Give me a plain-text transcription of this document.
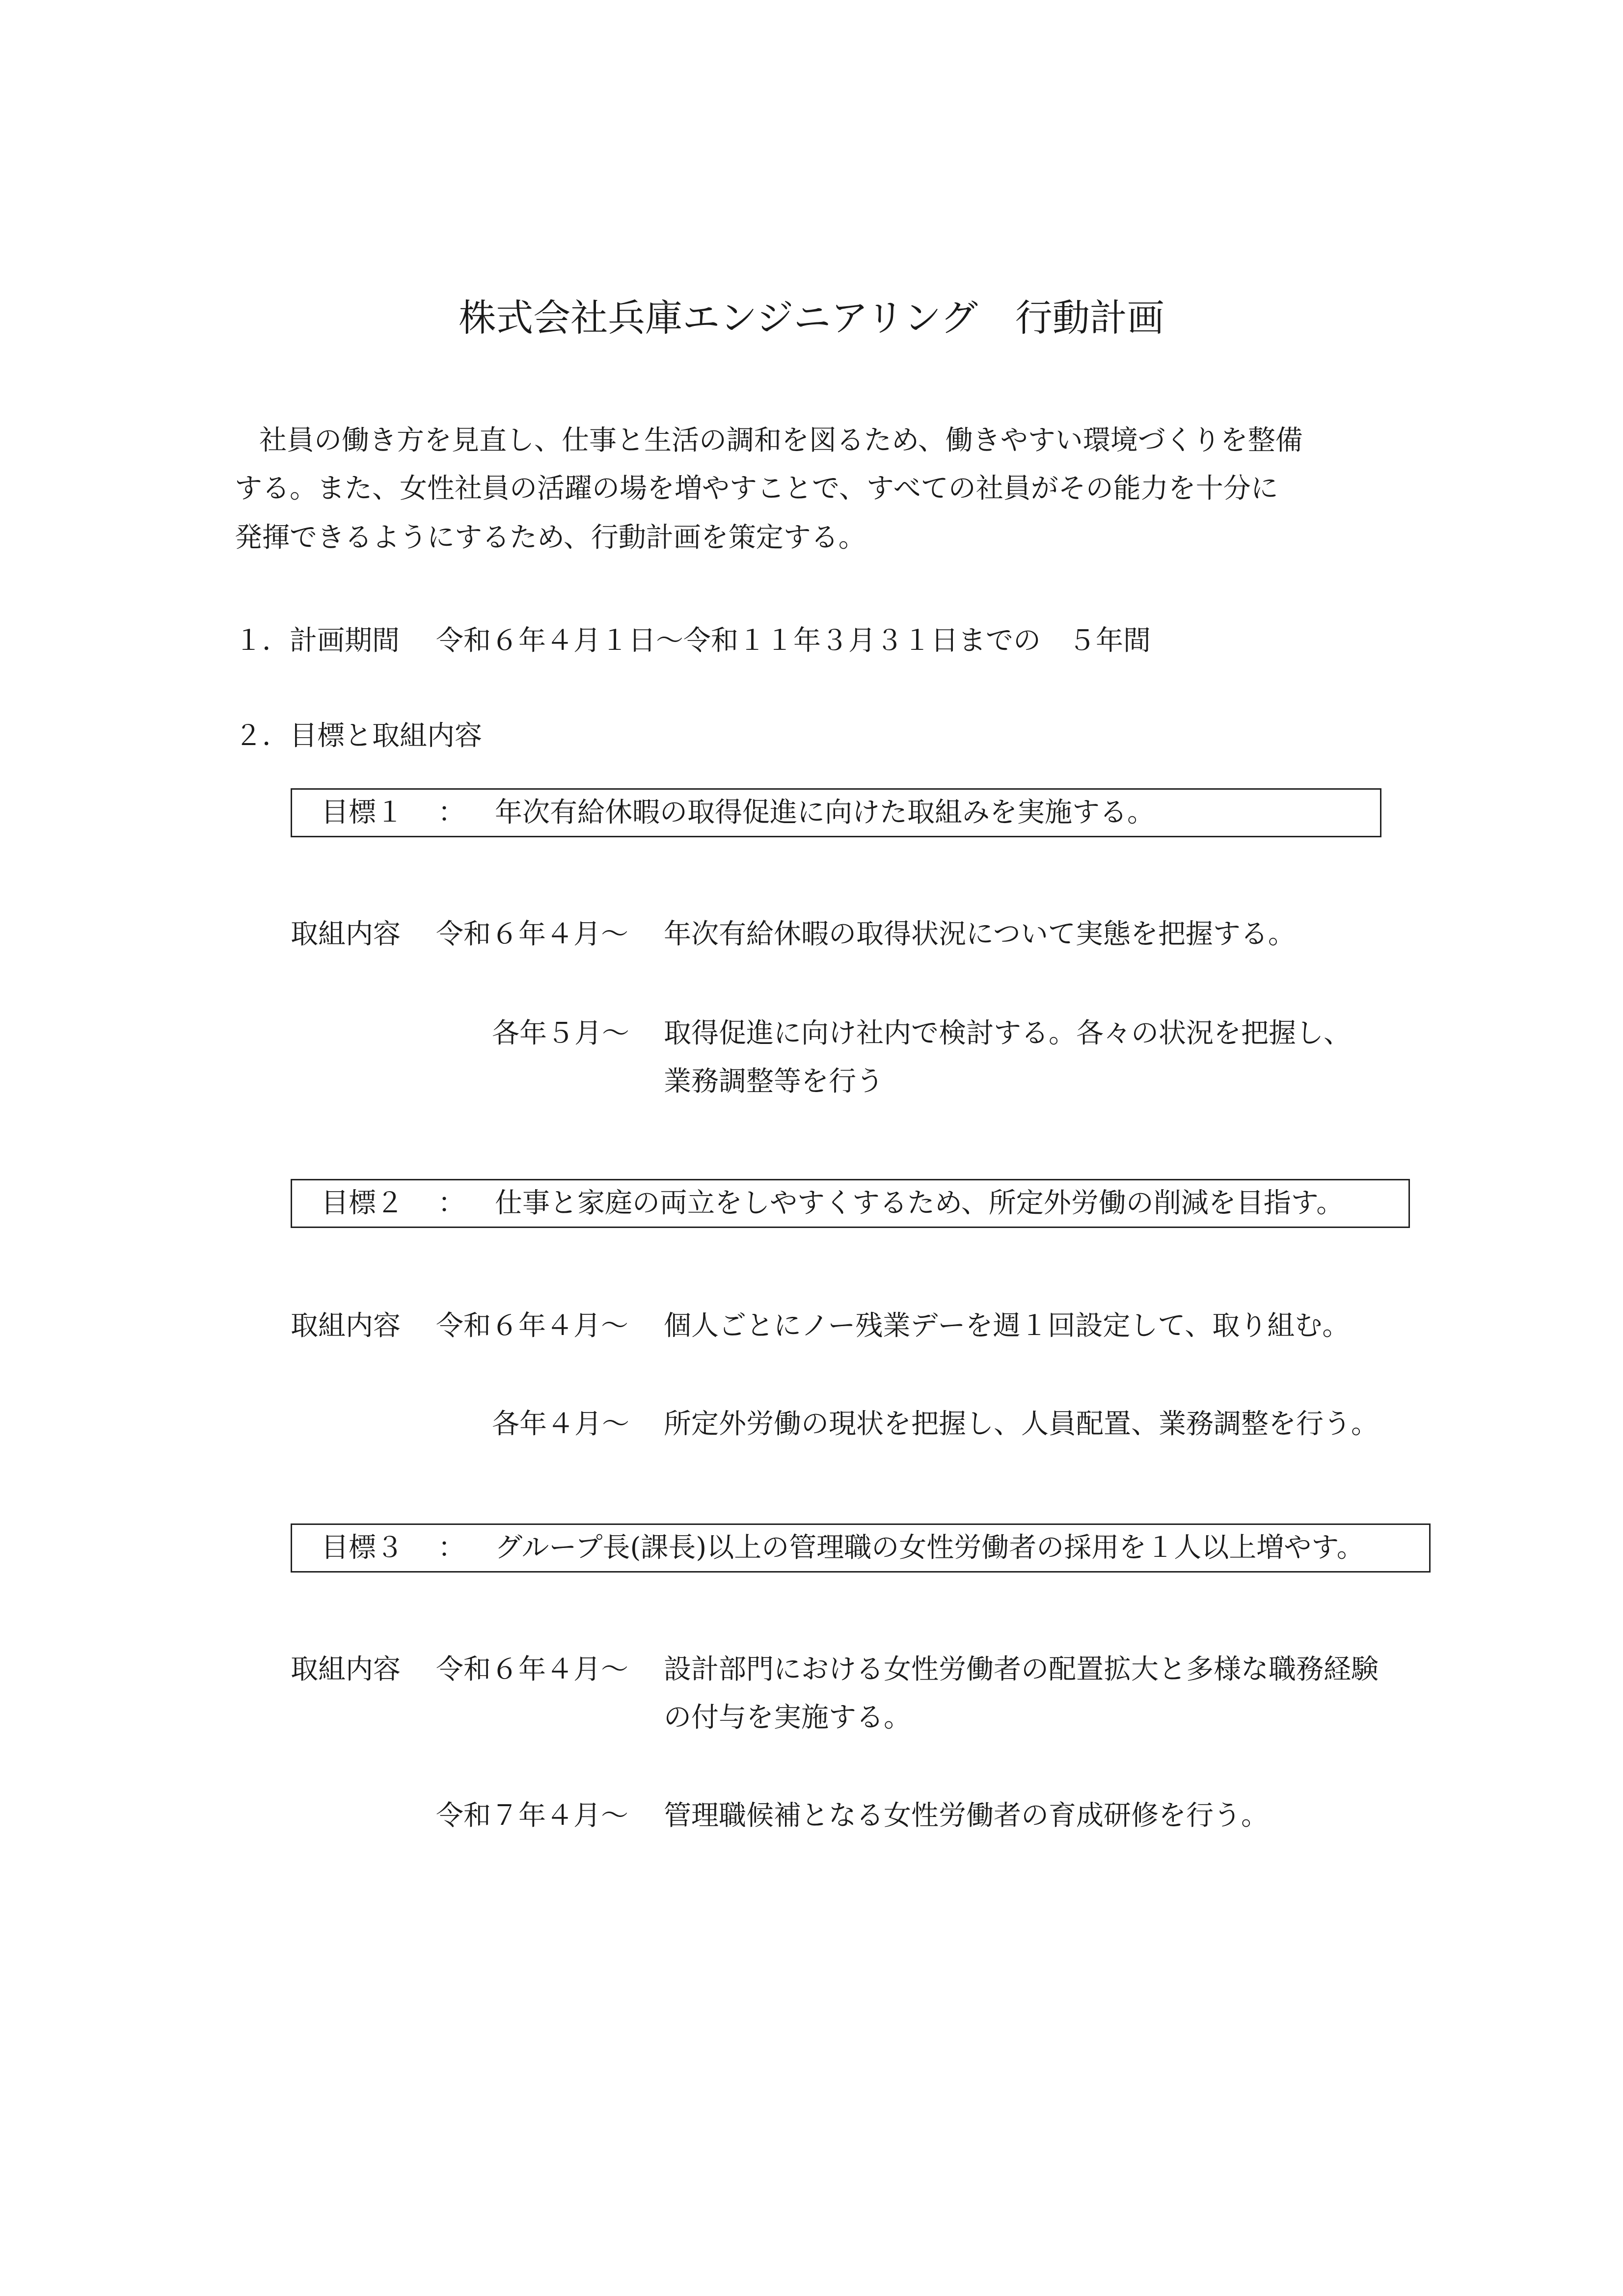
株式会社兵庫エンジニアリング　行動計画
社員の働き方を見直し、仕事と生活の調和を図るため、働きやすい環境づくりを整備
する。また、女性社員の活躍の場を増やすことで、すべての社員がその能力を十分に
発揮できるようにするため、行動計画を策定する。
１．計画期間 令和６年４月１日〜令和１１年３月３１日までの　５年間
２．目標と取組内容
目標１ ： 年次有給休暇の取得促進に向けた取組みを実施する。
取組内容 令和６年４月〜 年次有給休暇の取得状況について実態を把握する。
各年５月〜 取得促進に向け社内で検討する。各々の状況を把握し、
業務調整等を行う
目標２ ： 仕事と家庭の両立をしやすくするため、所定外労働の削減を目指す。
取組内容 令和６年４月〜 個人ごとにノー残業デーを週１回設定して、取り組む。
各年４月〜 所定外労働の現状を把握し、人員配置、業務調整を行う。
目標３ ： グループ長(課長)以上の管理職の女性労働者の採用を１人以上増やす。
取組内容 令和６年４月〜 設計部門における女性労働者の配置拡大と多様な職務経験
の付与を実施する。
令和７年４月〜 管理職候補となる女性労働者の育成研修を行う。
